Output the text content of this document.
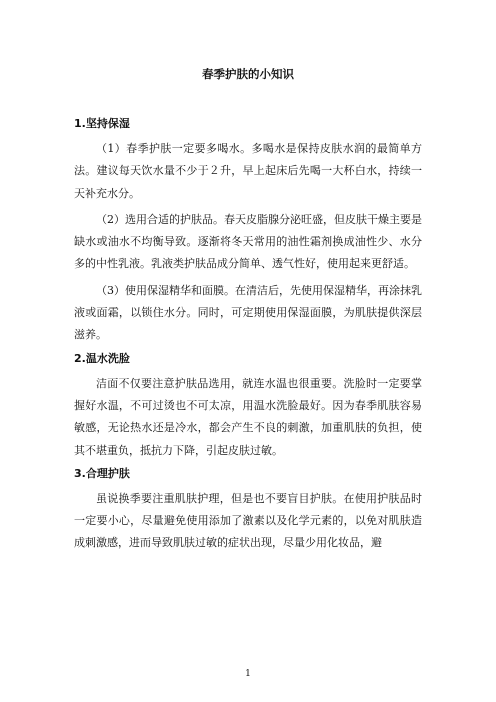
春季护肤的小知识
1.坚持保湿

（1）春季护肤一定要多喝水。多喝水是保持皮肤水润的最简单方法。建议每天饮水量不少于２升，早上起床后先喝一大杯白水，持续一天补充水分。

（2）选用合适的护肤品。春天皮脂腺分泌旺盛，但皮肤干燥主要是缺水或油水不均衡导致。逐渐将冬天常用的油性霜剂换成油性少、水分多的中性乳液。乳液类护肤品成分简单、透气性好，使用起来更舒适。

（3）使用保湿精华和面膜。在清洁后，先使用保湿精华，再涂抹乳液或面霜，以锁住水分。同时，可定期使用保湿面膜，为肌肤提供深层滋养。

2.温水洗脸

洁面不仅要注意护肤品选用，就连水温也很重要。洗脸时一定要掌握好水温，不可过烫也不可太凉，用温水洗脸最好。因为春季肌肤容易敏感，无论热水还是冷水，都会产生不良的刺激，加重肌肤的负担，使其不堪重负，抵抗力下降，引起皮肤过敏。

3.合理护肤

虽说换季要注重肌肤护理，但是也不要盲目护肤。在使用护肤品时一定要小心，尽量避免使用添加了激素以及化学元素的，以免对肌肤造成刺激感，进而导致肌肤过敏的症状出现，尽量少用化妆品，避

1
